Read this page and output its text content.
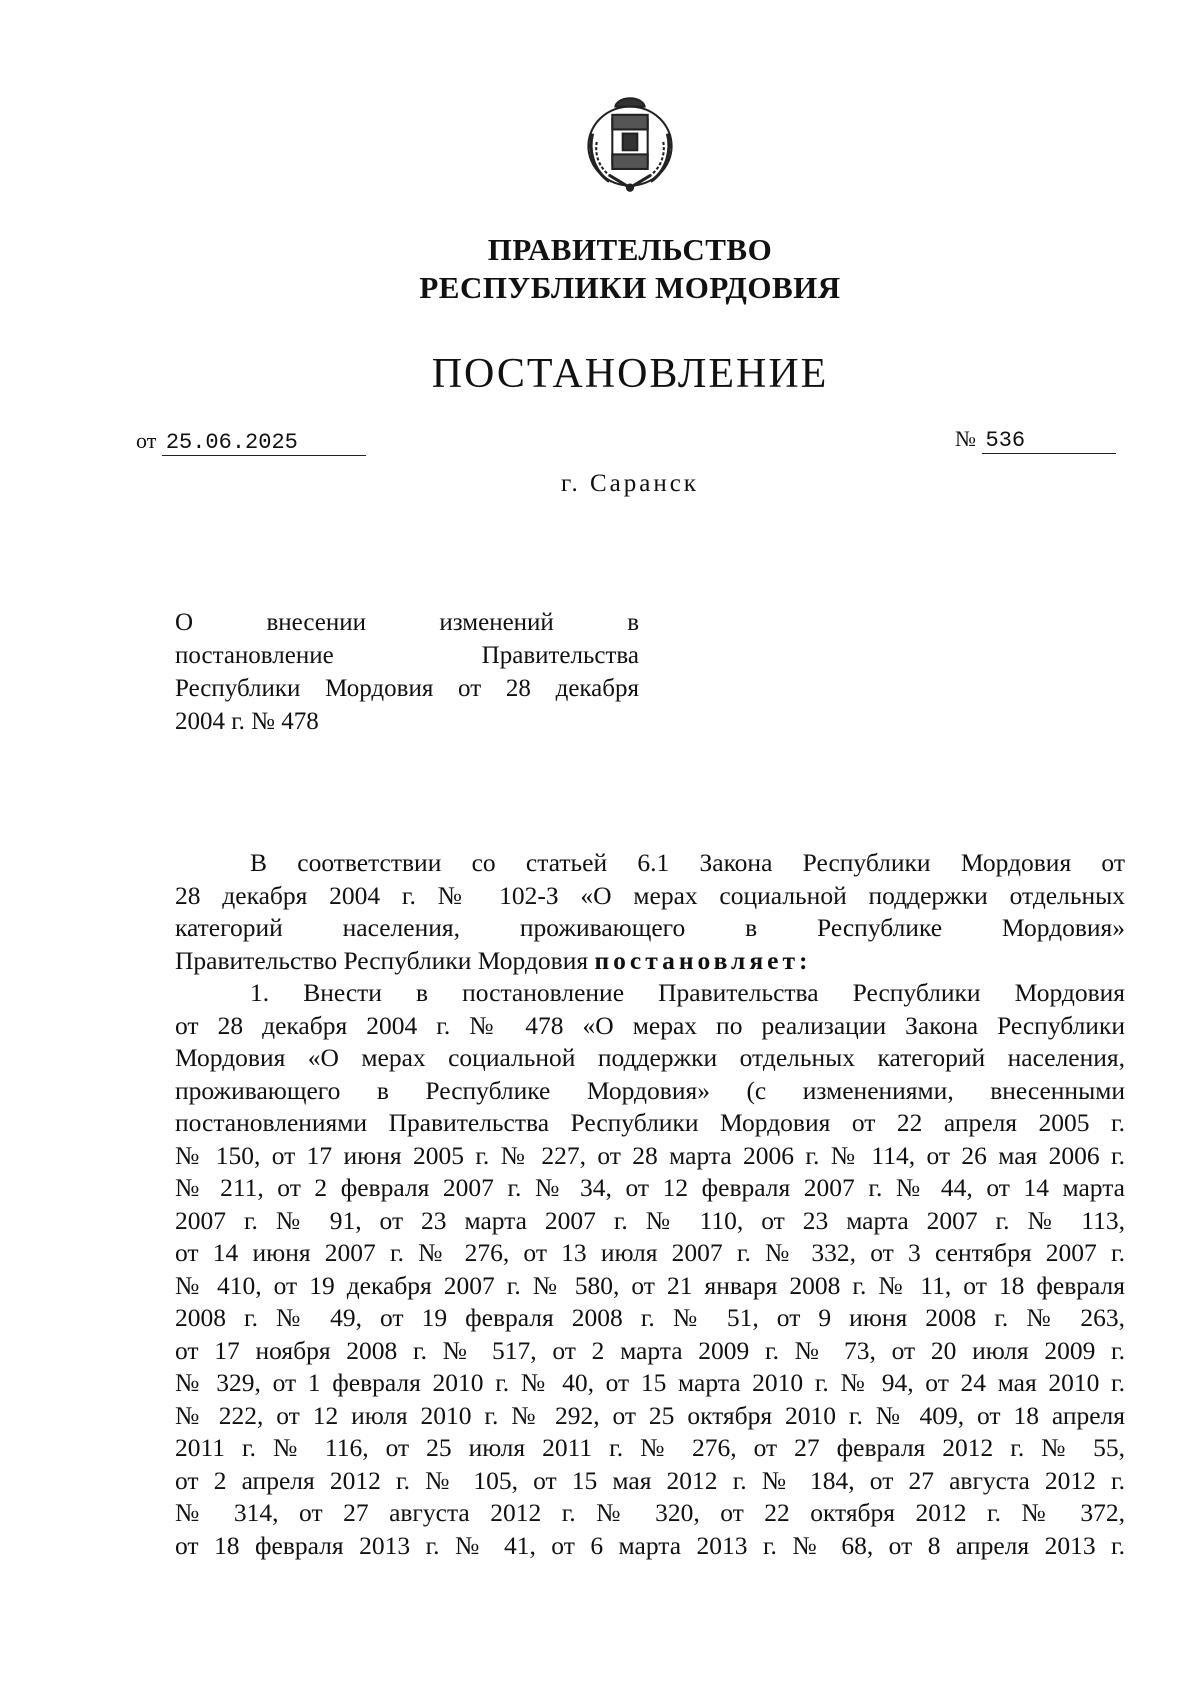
ПРАВИТЕЛЬСТВО
РЕСПУБЛИКИ МОРДОВИЯ
ПОСТАНОВЛЕНИЕ
от 25.06.2025	№ 536
г. Саранск
О внесении изменений в
постановление Правительства
Республики Мордовия от 28 декабря
2004 г. № 478
В соответствии со статьей 6.1 Закона Республики Мордовия от
28 декабря 2004 г. № 102-З «О мерах социальной поддержки отдельных
категорий населения, проживающего в Республике Мордовия»
Правительство Республики Мордовия постановляет:
1. Внести в постановление Правительства Республики Мордовия
от 28 декабря 2004 г. № 478 «О мерах по реализации Закона Республики
Мордовия «О мерах социальной поддержки отдельных категорий населения,
проживающего в Республике Мордовия» (с изменениями, внесенными
постановлениями Правительства Республики Мордовия от 22 апреля 2005 г.
№ 150, от 17 июня 2005 г. № 227, от 28 марта 2006 г. № 114, от 26 мая 2006 г.
№ 211, от 2 февраля 2007 г. № 34, от 12 февраля 2007 г. № 44, от 14 марта
2007 г. № 91, от 23 марта 2007 г. № 110, от 23 марта 2007 г. № 113,
от 14 июня 2007 г. № 276, от 13 июля 2007 г. № 332, от 3 сентября 2007 г.
№ 410, от 19 декабря 2007 г. № 580, от 21 января 2008 г. № 11, от 18 февраля
2008 г. № 49, от 19 февраля 2008 г. № 51, от 9 июня 2008 г. № 263,
от 17 ноября 2008 г. № 517, от 2 марта 2009 г. № 73, от 20 июля 2009 г.
№ 329, от 1 февраля 2010 г. № 40, от 15 марта 2010 г. № 94, от 24 мая 2010 г.
№ 222, от 12 июля 2010 г. № 292, от 25 октября 2010 г. № 409, от 18 апреля
2011 г. № 116, от 25 июля 2011 г. № 276, от 27 февраля 2012 г. № 55,
от 2 апреля 2012 г. № 105, от 15 мая 2012 г. № 184, от 27 августа 2012 г.
№ 314, от 27 августа 2012 г. № 320, от 22 октября 2012 г. № 372,
от 18 февраля 2013 г. № 41, от 6 марта 2013 г. № 68, от 8 апреля 2013 г.
